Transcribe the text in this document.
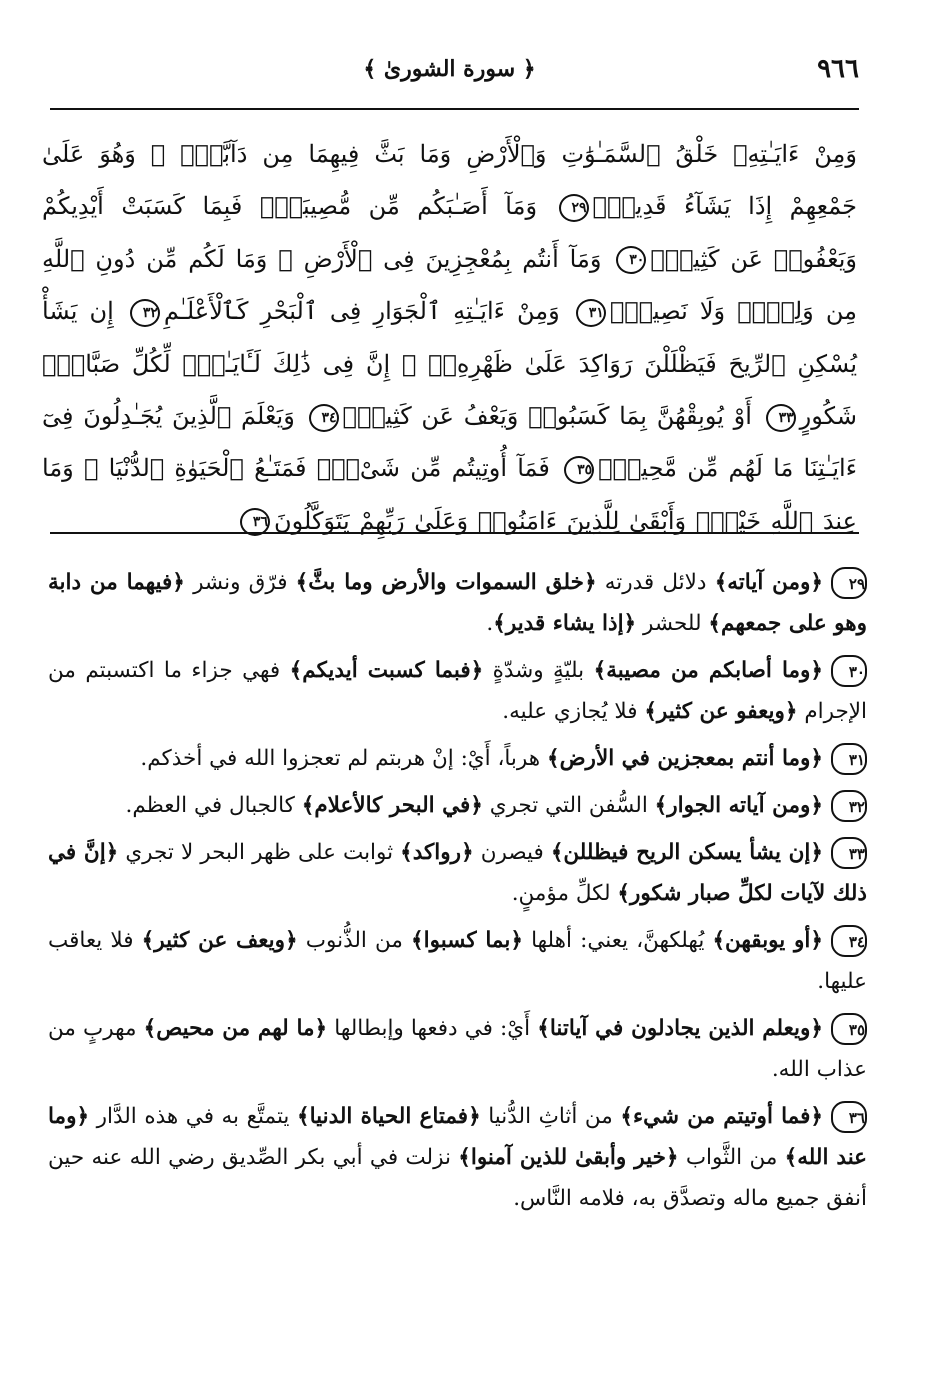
٩٦٦
﴿ سورة الشورىٰ ﴾
وَمِنْ ءَايَـٰتِهِۦ خَلْقُ ٱلسَّمَـٰوَٰتِ وَٱلْأَرْضِ وَمَا بَثَّ فِيهِمَا مِن دَآبَّةٍۢ ۚ وَهُوَ عَلَىٰ جَمْعِهِمْ إِذَا يَشَآءُ قَدِيرٌۭ٢٩ وَمَآ أَصَـٰبَكُم مِّن مُّصِيبَةٍۢ فَبِمَا كَسَبَتْ أَيْدِيكُمْ وَيَعْفُوا۟ عَن كَثِيرٍۢ٣٠ وَمَآ أَنتُم بِمُعْجِزِينَ فِى ٱلْأَرْضِ ۖ وَمَا لَكُم مِّن دُونِ ٱللَّهِ مِن وَلِىٍّۢ وَلَا نَصِيرٍۢ٣١ وَمِنْ ءَايَـٰتِهِ ٱلْجَوَارِ فِى ٱلْبَحْرِ كَٱلْأَعْلَـٰمِ٣٢ إِن يَشَأْ يُسْكِنِ ٱلرِّيحَ فَيَظْلَلْنَ رَوَاكِدَ عَلَىٰ ظَهْرِهِۦٓ ۚ إِنَّ فِى ذَٰلِكَ لَـَٔايَـٰتٍۢ لِّكُلِّ صَبَّارٍۢ شَكُورٍ٣٣ أَوْ يُوبِقْهُنَّ بِمَا كَسَبُوا۟ وَيَعْفُ عَن كَثِيرٍۢ٣٤ وَيَعْلَمَ ٱلَّذِينَ يُجَـٰدِلُونَ فِىٓ ءَايَـٰتِنَا مَا لَهُم مِّن مَّحِيصٍۢ٣٥ فَمَآ أُوتِيتُم مِّن شَىْءٍۢ فَمَتَـٰعُ ٱلْحَيَوٰةِ ٱلدُّنْيَا ۖ وَمَا عِندَ ٱللَّهِ خَيْرٌۭ وَأَبْقَىٰ لِلَّذِينَ ءَامَنُوا۟ وَعَلَىٰ رَبِّهِمْ يَتَوَكَّلُونَ٣٦
٢٩﴿ومن آياته﴾ دلائل قدرته ﴿خلق السموات والأرض وما بثَّ﴾ فرّق ونشر ﴿فيهما من دابة وهو على جمعهم﴾ للحشر ﴿إذا يشاء قدير﴾.
٣٠﴿وما أصابكم من مصيبة﴾ بليّةٍ وشدّةٍ ﴿فبما كسبت أيديكم﴾ فهي جزاء ما اكتسبتم من الإجرام ﴿ويعفو عن كثير﴾ فلا يُجازي عليه.
٣١﴿وما أنتم بمعجزين في الأرض﴾ هرباً، أَيْ: إنْ هربتم لم تعجزوا الله في أخذكم.
٣٢﴿ومن آياته الجوار﴾ السُّفن التي تجري ﴿في البحر كالأعلام﴾ كالجبال في العظم.
٣٣﴿إن يشأ يسكن الريح فيظللن﴾ فيصرن ﴿رواكد﴾ ثوابت على ظهر البحر لا تجري ﴿إنَّ في ذلك لآيات لكلِّ صبار شكور﴾ لكلِّ مؤمنٍ.
٣٤﴿أو يوبقهن﴾ يُهلكهنَّ، يعني: أهلها ﴿بما كسبوا﴾ من الذُّنوب ﴿ويعف عن كثير﴾ فلا يعاقب عليها.
٣٥﴿ويعلم الذين يجادلون في آياتنا﴾ أَيْ: في دفعها وإبطالها ﴿ما لهم من محيص﴾ مهربٍ من عذاب الله.
٣٦﴿فما أوتيتم من شيء﴾ من أثاثِ الدُّنيا ﴿فمتاع الحياة الدنيا﴾ يتمتَّع به في هذه الدَّار ﴿وما عند الله﴾ من الثَّواب ﴿خير وأبقىٰ للذين آمنوا﴾ نزلت في أبي بكر الصِّديق رضي الله عنه حين أنفق جميع ماله وتصدَّق به، فلامه النَّاس.
